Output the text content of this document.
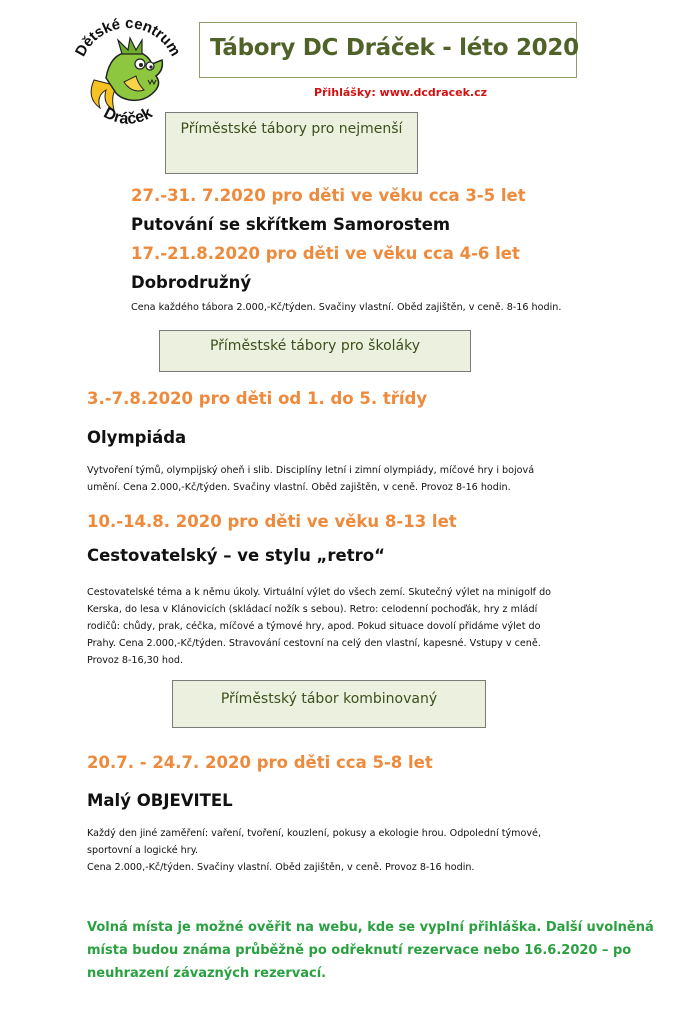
Dětské centrum
Dráček
Tábory DC Dráček - léto 2020
Přihlášky: www.dcdracek.cz
Příměstské tábory pro nejmenší
27.-31. 7.2020 pro děti ve věku cca 3-5 let
Putování se skřítkem Samorostem
17.-21.8.2020 pro děti ve věku cca 4-6 let
Dobrodružný
Cena každého tábora 2.000,-Kč/týden. Svačiny vlastní. Oběd zajištěn, v ceně. 8-16 hodin.
Příměstské tábory pro školáky
3.-7.8.2020 pro děti od 1. do 5. třídy
Olympiáda
Vytvoření týmů, olympijský oheň i slib. Disciplíny letní i zimní olympiády, míčové hry i bojová
umění. Cena 2.000,-Kč/týden. Svačiny vlastní. Oběd zajištěn, v ceně. Provoz 8-16 hodin.
10.-14.8. 2020 pro děti ve věku 8-13 let
Cestovatelský – ve stylu „retro“
Cestovatelské téma a k němu úkoly. Virtuální výlet do všech zemí. Skutečný výlet na minigolf do
Kerska, do lesa v Klánovicích (skládací nožík s sebou). Retro: celodenní pochoďák, hry z mládí
rodičů: chůdy, prak, céčka, míčové a týmové hry, apod. Pokud situace dovolí přidáme výlet do
Prahy. Cena 2.000,-Kč/týden. Stravování cestovní na celý den vlastní, kapesné. Vstupy v ceně.
Provoz 8-16,30 hod.
Příměstský tábor kombinovaný
20.7. - 24.7. 2020 pro děti cca 5-8 let
Malý OBJEVITEL
Každý den jiné zaměření: vaření, tvoření, kouzlení, pokusy a ekologie hrou. Odpolední týmové,
sportovní a logické hry.
Cena 2.000,-Kč/týden. Svačiny vlastní. Oběd zajištěn, v ceně. Provoz 8-16 hodin.
Volná místa je možné ověřit na webu, kde se vyplní přihláška. Další uvolněná
místa budou známa průběžně po odřeknutí rezervace nebo 16.6.2020 – po
neuhrazení závazných rezervací.
